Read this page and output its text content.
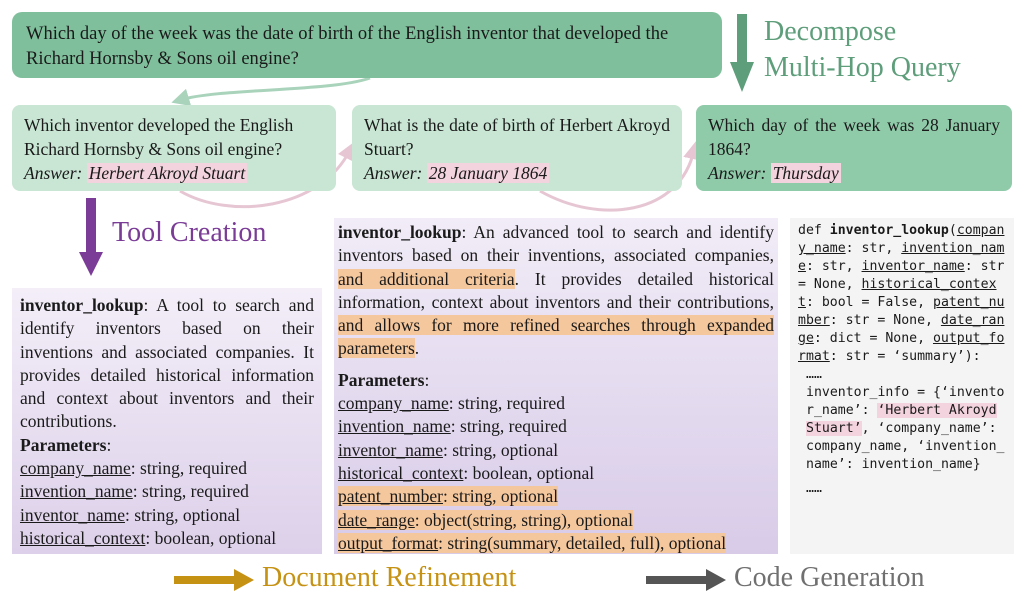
Which day of the week was the date of birth of the English inventor that developed the Richard Hornsby & Sons oil engine?
Decompose
Multi-Hop Query
Which inventor developed the English Richard Hornsby & Sons oil engine?
Answer: Herbert Akroyd Stuart
What is the date of birth of Herbert Akroyd Stuart?
Answer: 28 January 1864
Which day of the week was 28 January 1864?
Answer: Thursday
Tool Creation
inventor_lookup: A tool to search and identify inventors based on their inventions and associated companies. It provides detailed historical information and context about inventors and their contributions.
Parameters:
company_name: string, required
invention_name: string, required
inventor_name: string, optional
historical_context: boolean, optional
inventor_lookup: An advanced tool to search and identify inventors based on their inventions, associated companies, and additional criteria. It provides detailed historical information, context about inventors and their contributions, and allows for more refined searches through expanded parameters.
Parameters:
company_name: string, required
invention_name: string, required
inventor_name: string, optional
historical_context: boolean, optional
patent_number: string, optional
date_range: object(string, string), optional
output_format: string(summary, detailed, full), optional
def inventor_lookup(company_name: str, invention_name: str, inventor_name: str = None, historical_context: bool = False, patent_number: str = None, date_range: dict = None, output_format: str = ‘summary’):
……
inventor_info = {‘inventor_name’: ‘Herbert Akroyd Stuart’, ‘company_name’: company_name, ‘invention_name’: invention_name}
……
Document Refinement	Code Generation
